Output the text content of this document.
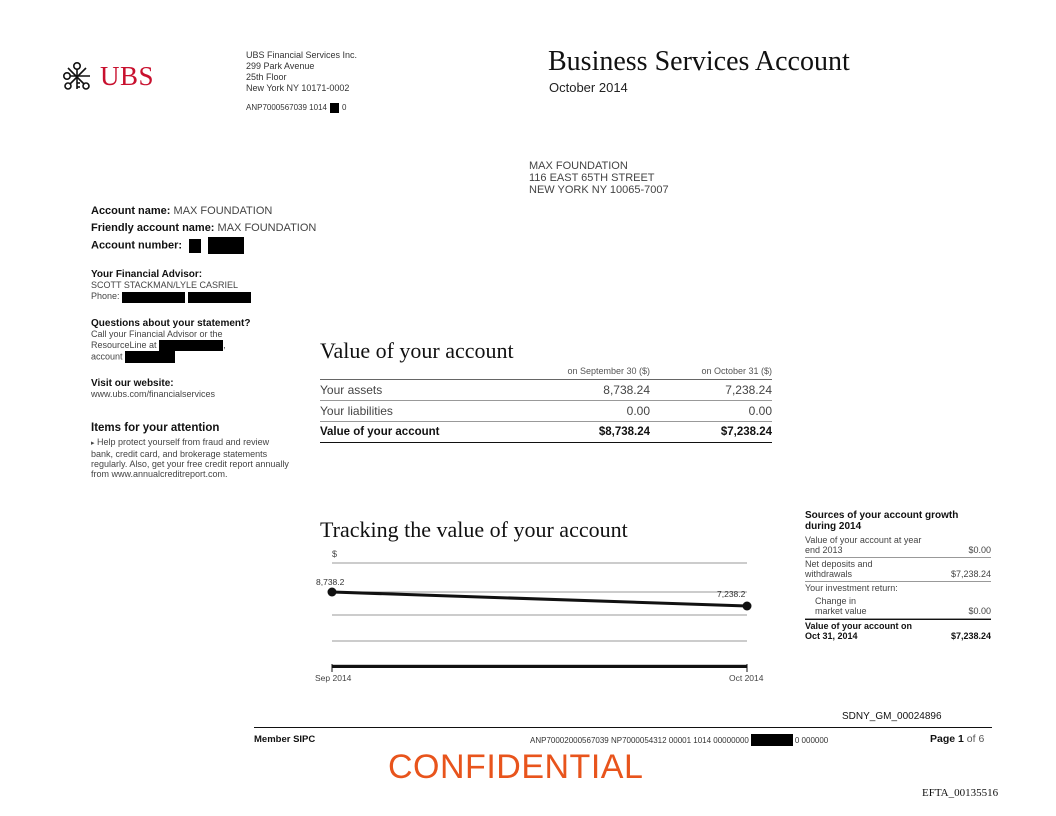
UBS
UBS Financial Services Inc.
299 Park Avenue
25th Floor
New York NY 10171-0002
ANP7000567039 1014 0
Business Services Account
October 2014
MAX FOUNDATION
116 EAST 65TH STREET
NEW YORK NY 10065-7007
Account name: MAX FOUNDATION
Friendly account name: MAX FOUNDATION
Account number:
Your Financial Advisor:
SCOTT STACKMAN/LYLE CASRIEL
Phone:
Questions about your statement?
Call your Financial Advisor or the
ResourceLine at	,
account
Visit our website:
www.ubs.com/financialservices
Items for your attention
▸ Help protect yourself from fraud and review bank, credit card, and brokerage statements regularly. Also, get your free credit report annually from www.annualcreditreport.com.
Value of your account
on September 30 ($)	on October 31 ($)
Your assets	8,738.24	7,238.24
Your liabilities	0.00	0.00
Value of your account	$8,738.24	$7,238.24
Tracking the value of your account
$
8,738.2
7,238.2
Sep 2014	Oct 2014
Sources of your account growth during 2014
Value of your account at year end 2013	$0.00
Net deposits and withdrawals	$7,238.24
Your investment return:
Change in market value	$0.00
Value of your account on Oct 31, 2014	$7,238.24
SDNY_GM_00024896
Member SIPC	ANP70002000567039 NP7000054312 00001 1014 00000000	0 000000	Page 1 of 6
CONFIDENTIAL
EFTA_00135516
